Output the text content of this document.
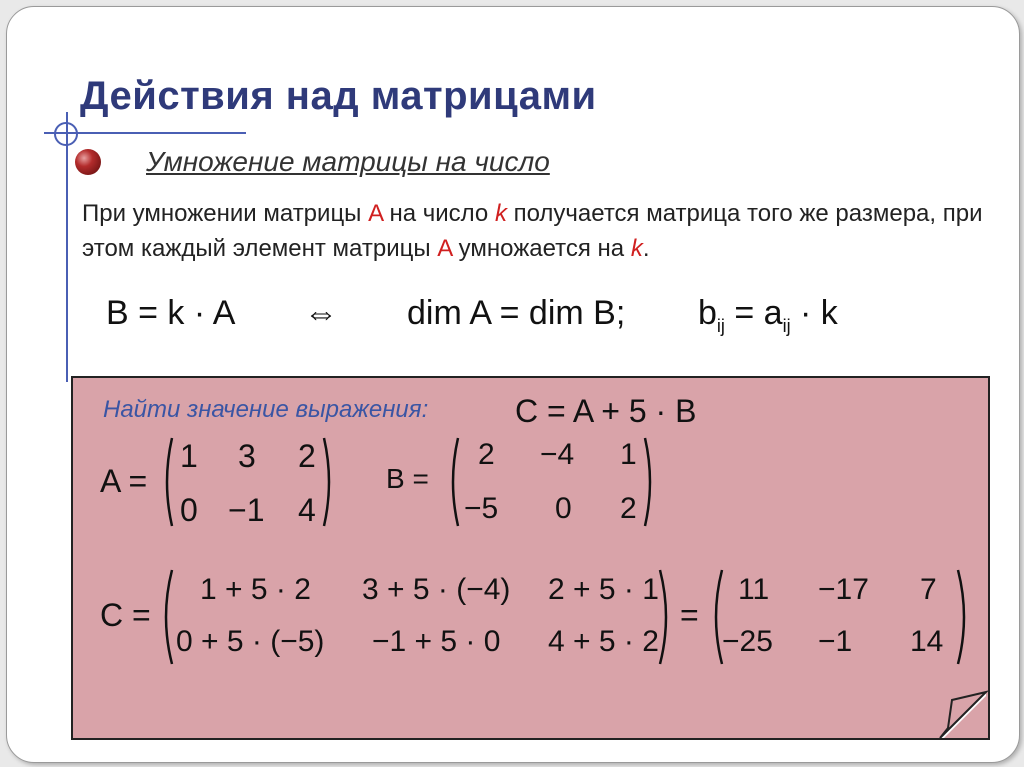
Действия над матрицами
Умножение матрицы на число
При умножении матрицы A на число k получается матрица того же размера, при этом каждый элемент матрицы A умножается на k.
B = k · A ⇔ dim A = dim B; $b_{ij} = a_{ij} \cdot k$
Найти значение выражения:	C = A + 5 · B
A =
1 3 2
0 −1 4
B =
2 −4 1
−5 0 2
C =
1 + 5 · 2 3 + 5 · (−4) 2 + 5 · 1
0 + 5 · (−5) −1 + 5 · 0 4 + 5 · 2
=
11 −17 7
−25 −1 14
